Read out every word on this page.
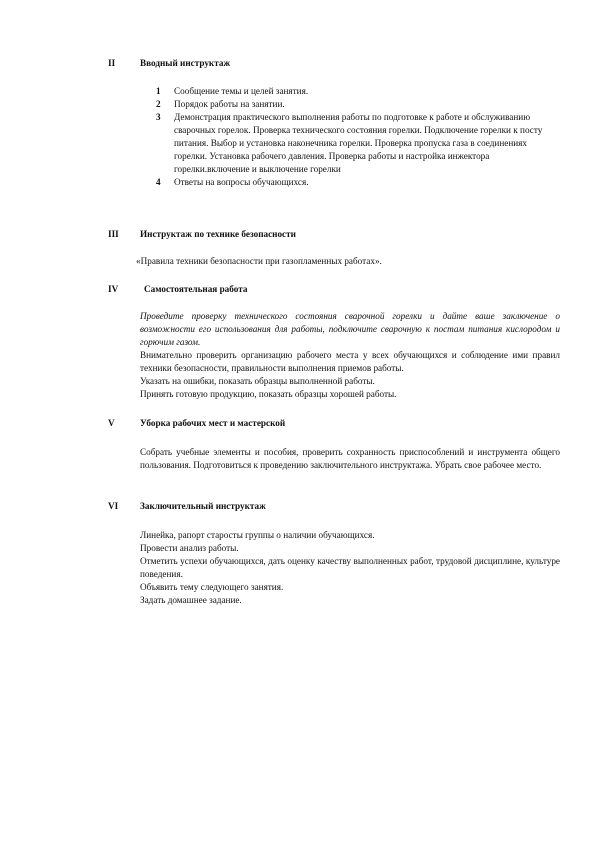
II	Вводный инструктаж
1 Сообщение темы и целей занятия.
2 Порядок работы на занятии.
3 Демонстрация практического выполнения работы по подготовке к работе и обслуживанию сварочных горелок. Проверка технического состояния горелки. Подключение горелки к посту питания. Выбор и установка наконечника горелки. Проверка пропуска газа в соединениях горелки. Установка рабочего давления. Проверка работы и настройка инжектора горелки.включение и выключение горелки
4 Ответы на вопросы обучающихся.
III Инструктаж по технике безопасности
«Правила техники безопасности при газопламенных работах».
IV	Самостоятельная работа
Проведите проверку технического состояния сварочной горелки и дайте ваше заключение о возможности его использования для работы, подключите сварочную к постам питания кислородом и горючим газом.

Внимательно проверить организацию рабочего места у всех обучающихся и соблюдение ими правил техники безопасности, правильности выполнения приемов работы.

Указать на ошибки, показать образцы выполненной работы.

Принять готовую продукцию, показать образцы хорошей работы.

V	Уборка рабочих мест и мастерской
Собрать учебные элементы и пособия, проверить сохранность приспособлений и инструмента общего пользования. Подготовиться к проведению заключительного инструктажа. Убрать свое рабочее место.
VI Заключительный инструктаж

Линейка, рапорт старосты группы о наличии обучающихся.

Провести анализ работы.

Отметить успехи обучающихся, дать оценку качеству выполненных работ, трудовой дисциплине, культуре поведения.

Объявить тему следующего занятия.

Задать домашнее задание.
